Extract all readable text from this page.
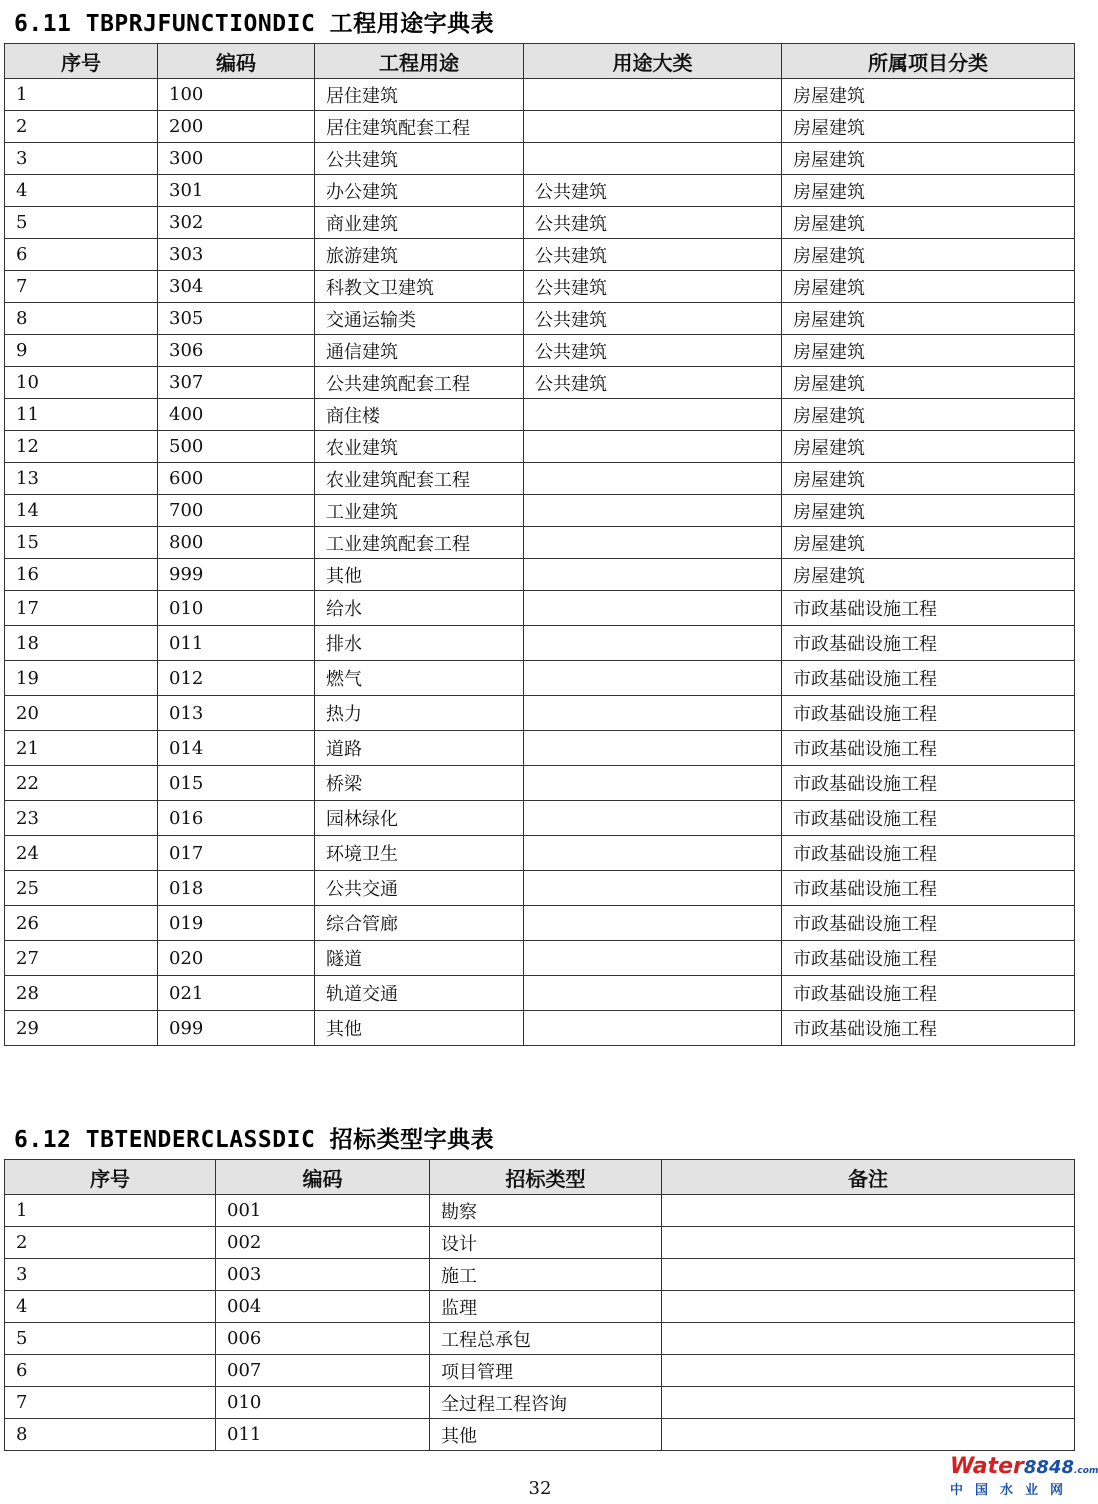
6.11 TBPRJFUNCTIONDIC 工程用途字典表
序号	编码	工程用途	用途大类	所属项目分类
1	100	居住建筑		房屋建筑
2	200	居住建筑配套工程		房屋建筑
3	300	公共建筑		房屋建筑
4	301	办公建筑	公共建筑	房屋建筑
5	302	商业建筑	公共建筑	房屋建筑
6	303	旅游建筑	公共建筑	房屋建筑
7	304	科教文卫建筑	公共建筑	房屋建筑
8	305	交通运输类	公共建筑	房屋建筑
9	306	通信建筑	公共建筑	房屋建筑
10	307	公共建筑配套工程	公共建筑	房屋建筑
11	400	商住楼		房屋建筑
12	500	农业建筑		房屋建筑
13	600	农业建筑配套工程		房屋建筑
14	700	工业建筑		房屋建筑
15	800	工业建筑配套工程		房屋建筑
16	999	其他		房屋建筑
17	010	给水		市政基础设施工程
18	011	排水		市政基础设施工程
19	012	燃气		市政基础设施工程
20	013	热力		市政基础设施工程
21	014	道路		市政基础设施工程
22	015	桥梁		市政基础设施工程
23	016	园林绿化		市政基础设施工程
24	017	环境卫生		市政基础设施工程
25	018	公共交通		市政基础设施工程
26	019	综合管廊		市政基础设施工程
27	020	隧道		市政基础设施工程
28	021	轨道交通		市政基础设施工程
29	099	其他		市政基础设施工程
6.12 TBTENDERCLASSDIC 招标类型字典表
序号	编码	招标类型	备注
1	001	勘察	
2	002	设计	
3	003	施工	
4	004	监理	
5	006	工程总承包	
6	007	项目管理	
7	010	全过程工程咨询	
8	011	其他	
32
Water8848.com
中国水业网
